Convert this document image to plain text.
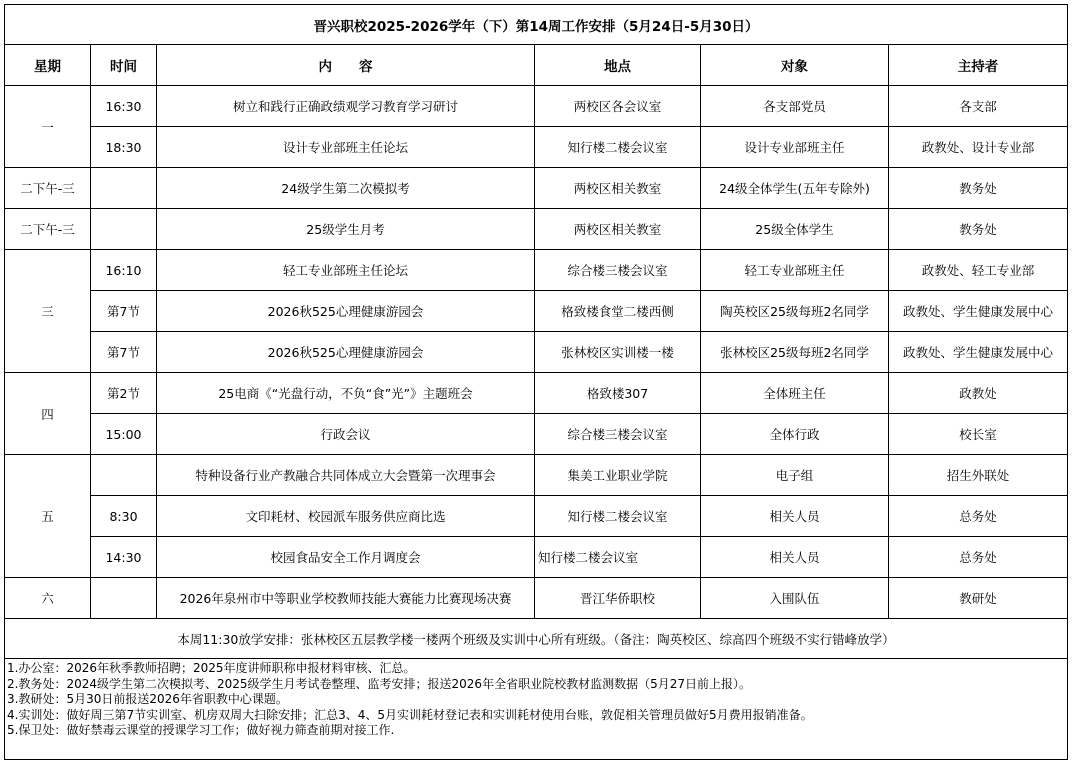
晋兴职校2025-2026学年（下）第14周工作安排（5月24日-5月30日）					
星期	时间	内　　容	地点	对象	主持者
一	16:30	树立和践行正确政绩观学习教育学习研讨	两校区各会议室	各支部党员	各支部
	18:30	设计专业部班主任论坛	知行楼二楼会议室	设计专业部班主任	政教处、设计专业部
二下午-三		24级学生第二次模拟考	两校区相关教室	24级全体学生(五年专除外)	教务处
二下午-三		25级学生月考	两校区相关教室	25级全体学生	教务处
三	16:10	轻工专业部班主任论坛	综合楼三楼会议室	轻工专业部班主任	政教处、轻工专业部
	第7节	2026秋525心理健康游园会	格致楼食堂二楼西侧	陶英校区25级每班2名同学	政教处、学生健康发展中心
	第7节	2026秋525心理健康游园会	张林校区实训楼一楼	张林校区25级每班2名同学	政教处、学生健康发展中心
四	第2节	25电商《“光盘行动，不负“食”光”》主题班会	格致楼307	全体班主任	政教处
	15:00	行政会议	综合楼三楼会议室	全体行政	校长室
五		特种设备行业产教融合共同体成立大会暨第一次理事会	集美工业职业学院	电子组	招生外联处
	8:30	文印耗材、校园派车服务供应商比选	知行楼二楼会议室	相关人员	总务处
	14:30	校园食品安全工作月调度会	知行楼二楼会议室	相关人员	总务处
六		2026年泉州市中等职业学校教师技能大赛能力比赛现场决赛	晋江华侨职校	入围队伍	教研处
本周11:30放学安排：张林校区五层教学楼一楼两个班级及实训中心所有班级。（备注：陶英校区、综高四个班级不实行错峰放学）					

1.办公室：2026年秋季教师招聘；2025年度讲师职称申报材料审核、汇总。
2.教务处：2024级学生第二次模拟考、2025级学生月考试卷整理、监考安排；报送2026年全省职业院校教材监测数据（5月27日前上报）。
3.教研处：5月30日前报送2026年省职教中心课题。
4.实训处：做好周三第7节实训室、机房双周大扫除安排；汇总3、4、5月实训耗材登记表和实训耗材使用台账，敦促相关管理员做好5月费用报销准备。
5.保卫处：做好禁毒云课堂的授课学习工作；做好视力筛查前期对接工作.					
